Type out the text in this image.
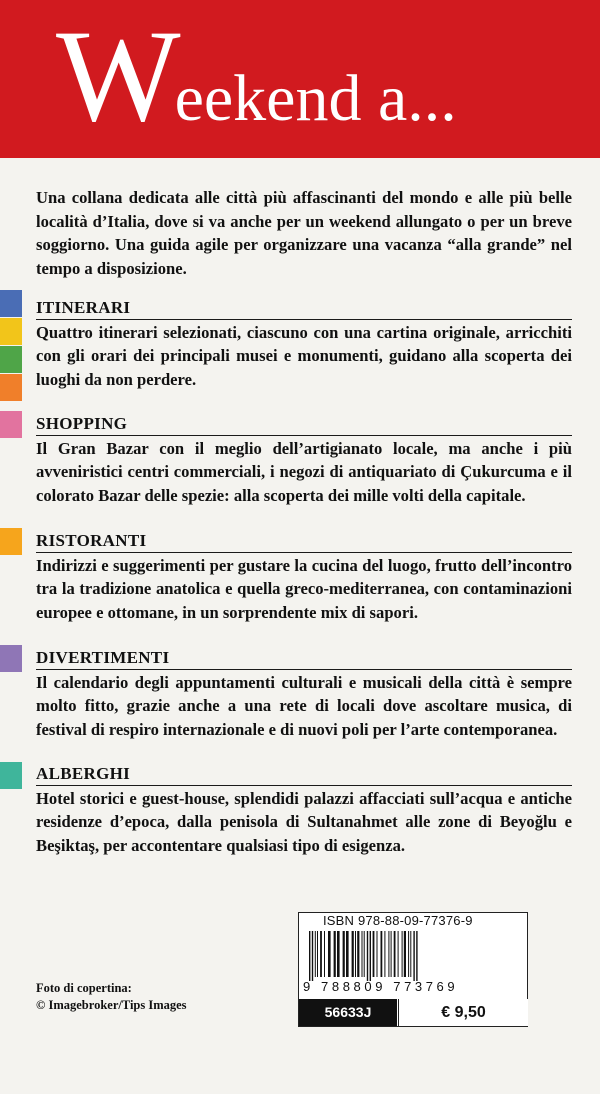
Weekend a...
Una collana dedicata alle città più affascinanti del mondo e alle più belle località d’Italia, dove si va anche per un weekend allungato o per un breve soggiorno. Una guida agile per organizzare una vacanza “alla grande” nel tempo a disposizione.
ITINERARI
Quattro itinerari selezionati, ciascuno con una cartina originale, arricchiti con gli orari dei principali musei e monumenti, guidano alla scoperta dei luoghi da non perdere.
SHOPPING
Il Gran Bazar con il meglio dell’artigianato locale, ma anche i più avveniristici centri commerciali, i negozi di antiquariato di Çukurcuma e il colorato Bazar delle spezie: alla scoperta dei mille volti della capitale.
RISTORANTI
Indirizzi e suggerimenti per gustare la cucina del luogo, frutto dell’incontro tra la tradizione anatolica e quella greco-mediterranea, con contaminazioni europee e ottomane, in un sorprendente mix di sapori.
DIVERTIMENTI
Il calendario degli appuntamenti culturali e musicali della città è sempre molto fitto, grazie anche a una rete di locali dove ascoltare musica, di festival di respiro internazionale e di nuovi poli per l’arte contemporanea.
ALBERGHI
Hotel storici e guest-house, splendidi palazzi affacciati sull’acqua e antiche residenze d’epoca, dalla penisola di Sultanahmet alle zone di Beyoğlu e Beşiktaş, per accontentare qualsiasi tipo di esigenza.
ISBN 978-88-09-77376-9
9 788809 773769
56633J	€ 9,50
Foto di copertina:
© Imagebroker/Tips Images
